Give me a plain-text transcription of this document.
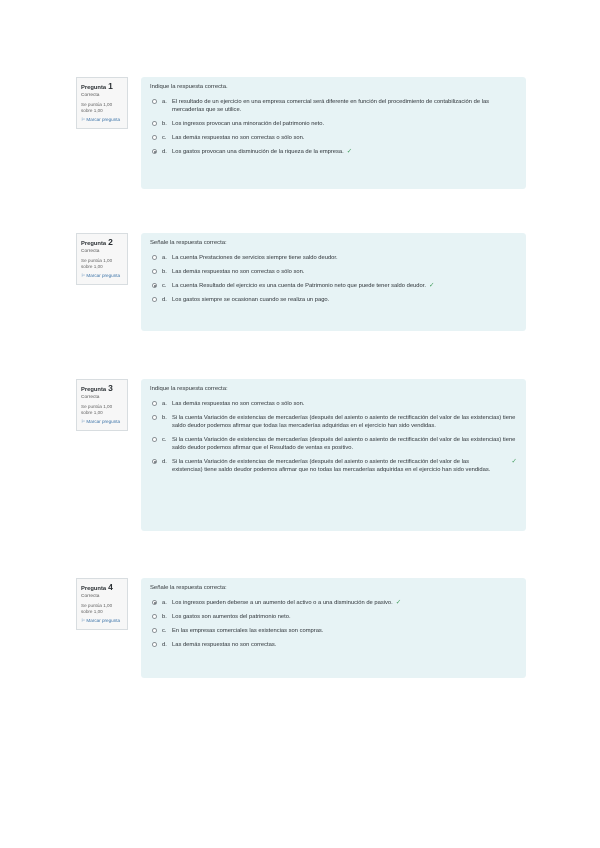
Pregunta 1
Correcta
Se puntúa 1,00 sobre 1,00
⚐ Marcar pregunta
Indique la respuesta correcta.
a. El resultado de un ejercicio en una empresa comercial será diferente en función del procedimiento de contabilización de las mercaderías que se utilice.
b. Los ingresos provocan una minoración del patrimonio neto.
c. Las demás respuestas no son correctas o sólo son.
d. Los gastos provocan una disminución de la riqueza de la empresa. ✓
Pregunta 2
Correcta
Se puntúa 1,00 sobre 1,00
⚐ Marcar pregunta
Señale la respuesta correcta:
a. La cuenta Prestaciones de servicios siempre tiene saldo deudor.
b. Las demás respuestas no son correctas o sólo son.
c. La cuenta Resultado del ejercicio es una cuenta de Patrimonio neto que puede tener saldo deudor. ✓
d. Los gastos siempre se ocasionan cuando se realiza un pago.
Pregunta 3
Correcta
Se puntúa 1,00 sobre 1,00
⚐ Marcar pregunta
Indique la respuesta correcta:
a. Las demás respuestas no son correctas o sólo son.
b. Si la cuenta Variación de existencias de mercaderías (después del asiento o asiento de rectificación del valor de las existencias) tiene saldo deudor podemos afirmar que todas las mercaderías adquiridas en el ejercicio han sido vendidas.
c. Si la cuenta Variación de existencias de mercaderías (después del asiento o asiento de rectificación del valor de las existencias) tiene saldo deudor podemos afirmar que el Resultado de ventas es positivo.
d. Si la cuenta Variación de existencias de mercaderías (después del asiento o asiento de rectificación del valor de las existencias) tiene saldo deudor podemos afirmar que no todas las mercaderías adquiridas en el ejercicio han sido vendidas.
✓
Pregunta 4
Correcta
Se puntúa 1,00 sobre 1,00
⚐ Marcar pregunta
Señale la respuesta correcta:
a. Los ingresos pueden deberse a un aumento del activo o a una disminución de pasivo. ✓
b. Los gastos son aumentos del patrimonio neto.
c. En las empresas comerciales las existencias son compras.
d. Las demás respuestas no son correctas.
